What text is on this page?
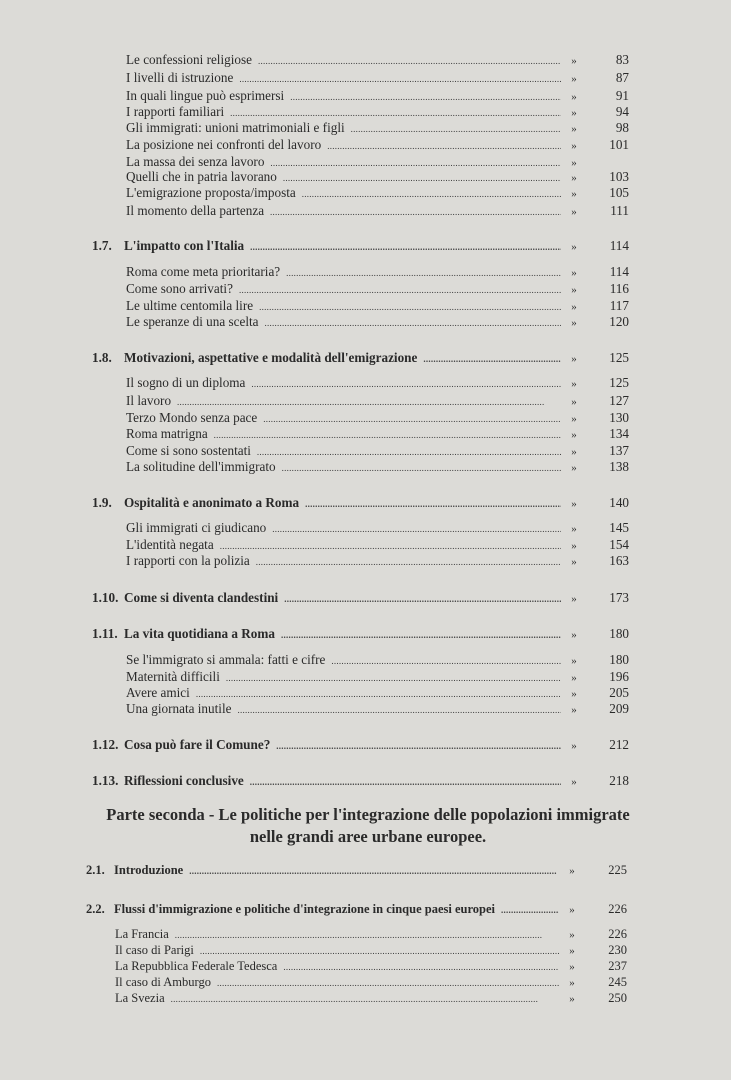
Le confessioni religiose . . .	»	83
I livelli di istruzione . . .	»	87
In quali lingue può esprimersi . . .	»	91
I rapporti familiari . . .	»	94
Gli immigrati: unioni matrimoniali e figli . . .	»	98
La posizione nei confronti del lavoro . . .	»	101
La massa dei senza lavoro . . .	»
Quelli che in patria lavorano . . .	»	103
L'emigrazione proposta/imposta . . .	»	105
Il momento della partenza . . .	»	111
1.7. L'impatto con l'Italia . . .	»	114
Roma come meta prioritaria? . . .	»	114
Come sono arrivati? . . .	»	116
Le ultime centomila lire . . .	»	117
Le speranze di una scelta . . .	»	120
1.8. Motivazioni, aspettative e modalità dell'emigrazione . . .	»	125
Il sogno di un diploma . . .	»	125
Il lavoro . . .	»	127
Terzo Mondo senza pace . . .	»	130
Roma matrigna . . .	»	134
Come si sono sostentati . . .	»	137
La solitudine dell'immigrato . . .	»	138
1.9. Ospitalità e anonimato a Roma . . .	»	140
Gli immigrati ci giudicano . . .	»	145
L'identità negata . . .	»	154
I rapporti con la polizia . . .	»	163
1.10. Come si diventa clandestini . . .	»	173
1.11. La vita quotidiana a Roma . . .	»	180
Se l'immigrato si ammala: fatti e cifre . . .	»	180
Maternità difficili . . .	»	196
Avere amici . . .	»	205
Una giornata inutile . . .	»	209
1.12. Cosa può fare il Comune? . . .	»	212
1.13. Riflessioni conclusive . . .	»	218
Parte seconda - Le politiche per l'integrazione delle popolazioni immigrate
nelle grandi aree urbane europee.
2.1. Introduzione . . .	»	225
2.2. Flussi d'immigrazione e politiche d'integrazione in cinque paesi europei . . .	»	226
La Francia . . .	»	226
Il caso di Parigi . . .	»	230
La Repubblica Federale Tedesca . . .	»	237
Il caso di Amburgo . . .	»	245
La Svezia . . .	»	250
